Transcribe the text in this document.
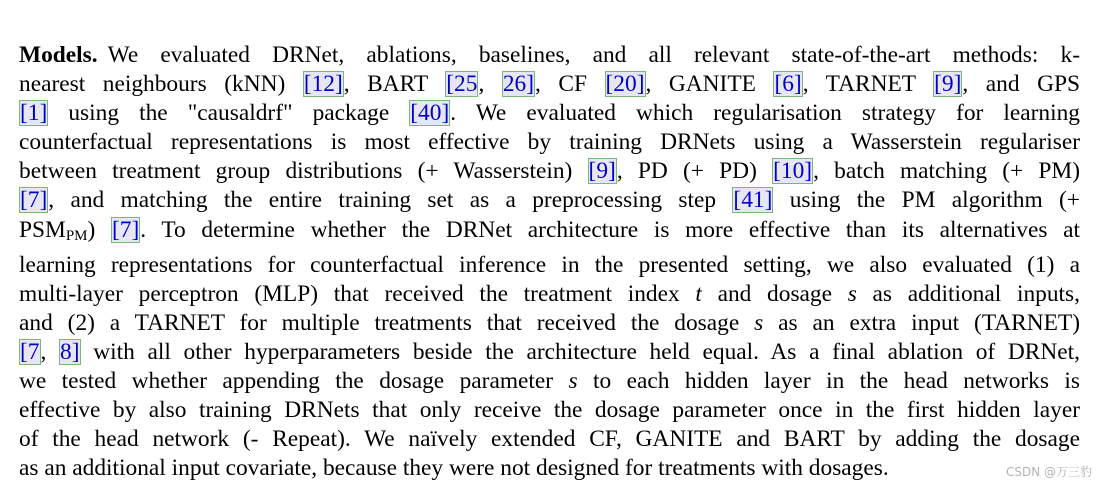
Models. We evaluated DRNet, ablations, baselines, and all relevant state-of-the-art methods: k-
nearest neighbours (kNN) [12], BART [25, 26], CF [20], GANITE [6], TARNET [9], and GPS
[1] using the "causaldrf" package [40]. We evaluated which regularisation strategy for learning
counterfactual representations is most effective by training DRNets using a Wasserstein regulariser
between treatment group distributions (+ Wasserstein) [9], PD (+ PD) [10], batch matching (+ PM)
[7], and matching the entire training set as a preprocessing step [41] using the PM algorithm (+
$PSM_{PM}$) [7]. To determine whether the DRNet architecture is more effective than its alternatives at
learning representations for counterfactual inference in the presented setting, we also evaluated (1) a
multi-layer perceptron (MLP) that received the treatment index t and dosage s as additional inputs,
and (2) a TARNET for multiple treatments that received the dosage s as an extra input (TARNET)
[7, 8] with all other hyperparameters beside the architecture held equal. As a final ablation of DRNet,
we tested whether appending the dosage parameter s to each hidden layer in the head networks is
effective by also training DRNets that only receive the dosage parameter once in the first hidden layer
of the head network (- Repeat). We naïvely extended CF, GANITE and BART by adding the dosage
as an additional input covariate, because they were not designed for treatments with dosages.	CSDN @万三豹
